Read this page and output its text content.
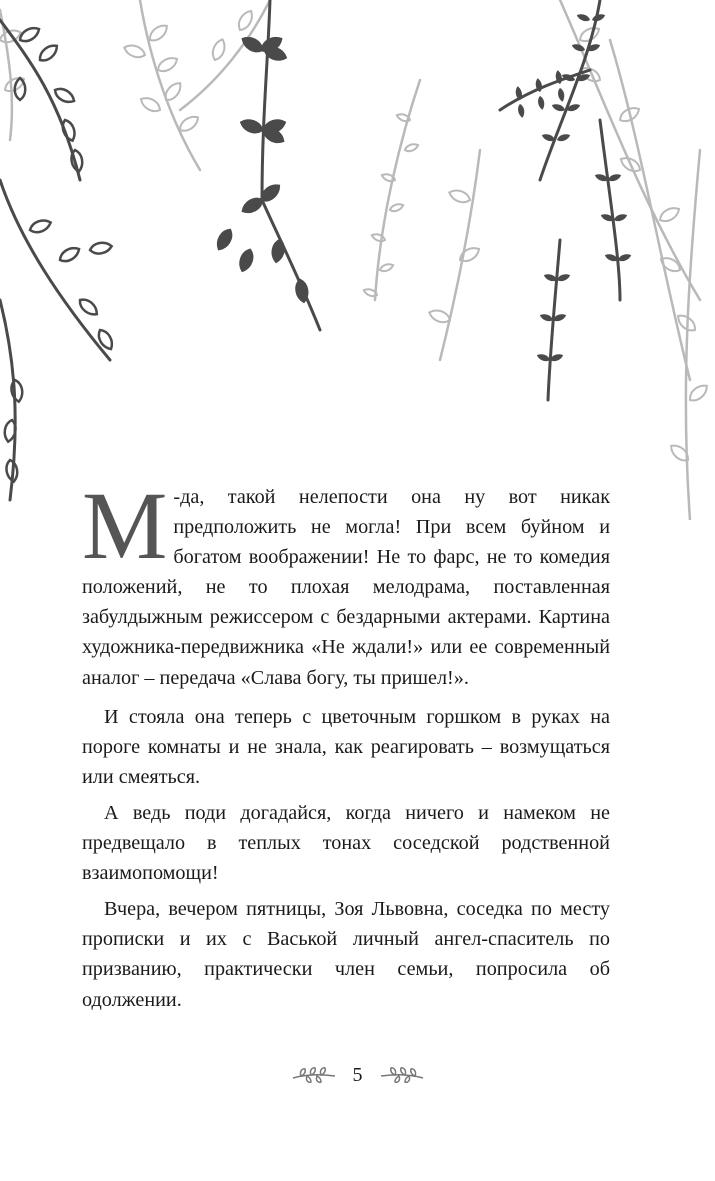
М -да, такой нелепости она ну вот никак предположить не могла! При всем буйном и богатом воображении! Не то фарс, не то комедия положений, не то плохая мелодрама, поставленная забулдыжным режиссером с бездарными актерами. Картина художника-передвижника «Не ждали!» или ее современный аналог – передача «Слава богу, ты пришел!».

И стояла она теперь с цветочным горшком в руках на пороге комнаты и не знала, как реагировать – возмущаться или смеяться.

А ведь поди догадайся, когда ничего и намеком не предвещало в теплых тонах соседской родственной взаимопомощи!

Вчера, вечером пятницы, Зоя Львовна, соседка по месту прописки и их с Васькой личный ангел-спаситель по призванию, практически член семьи, попросила об одолжении.

5
